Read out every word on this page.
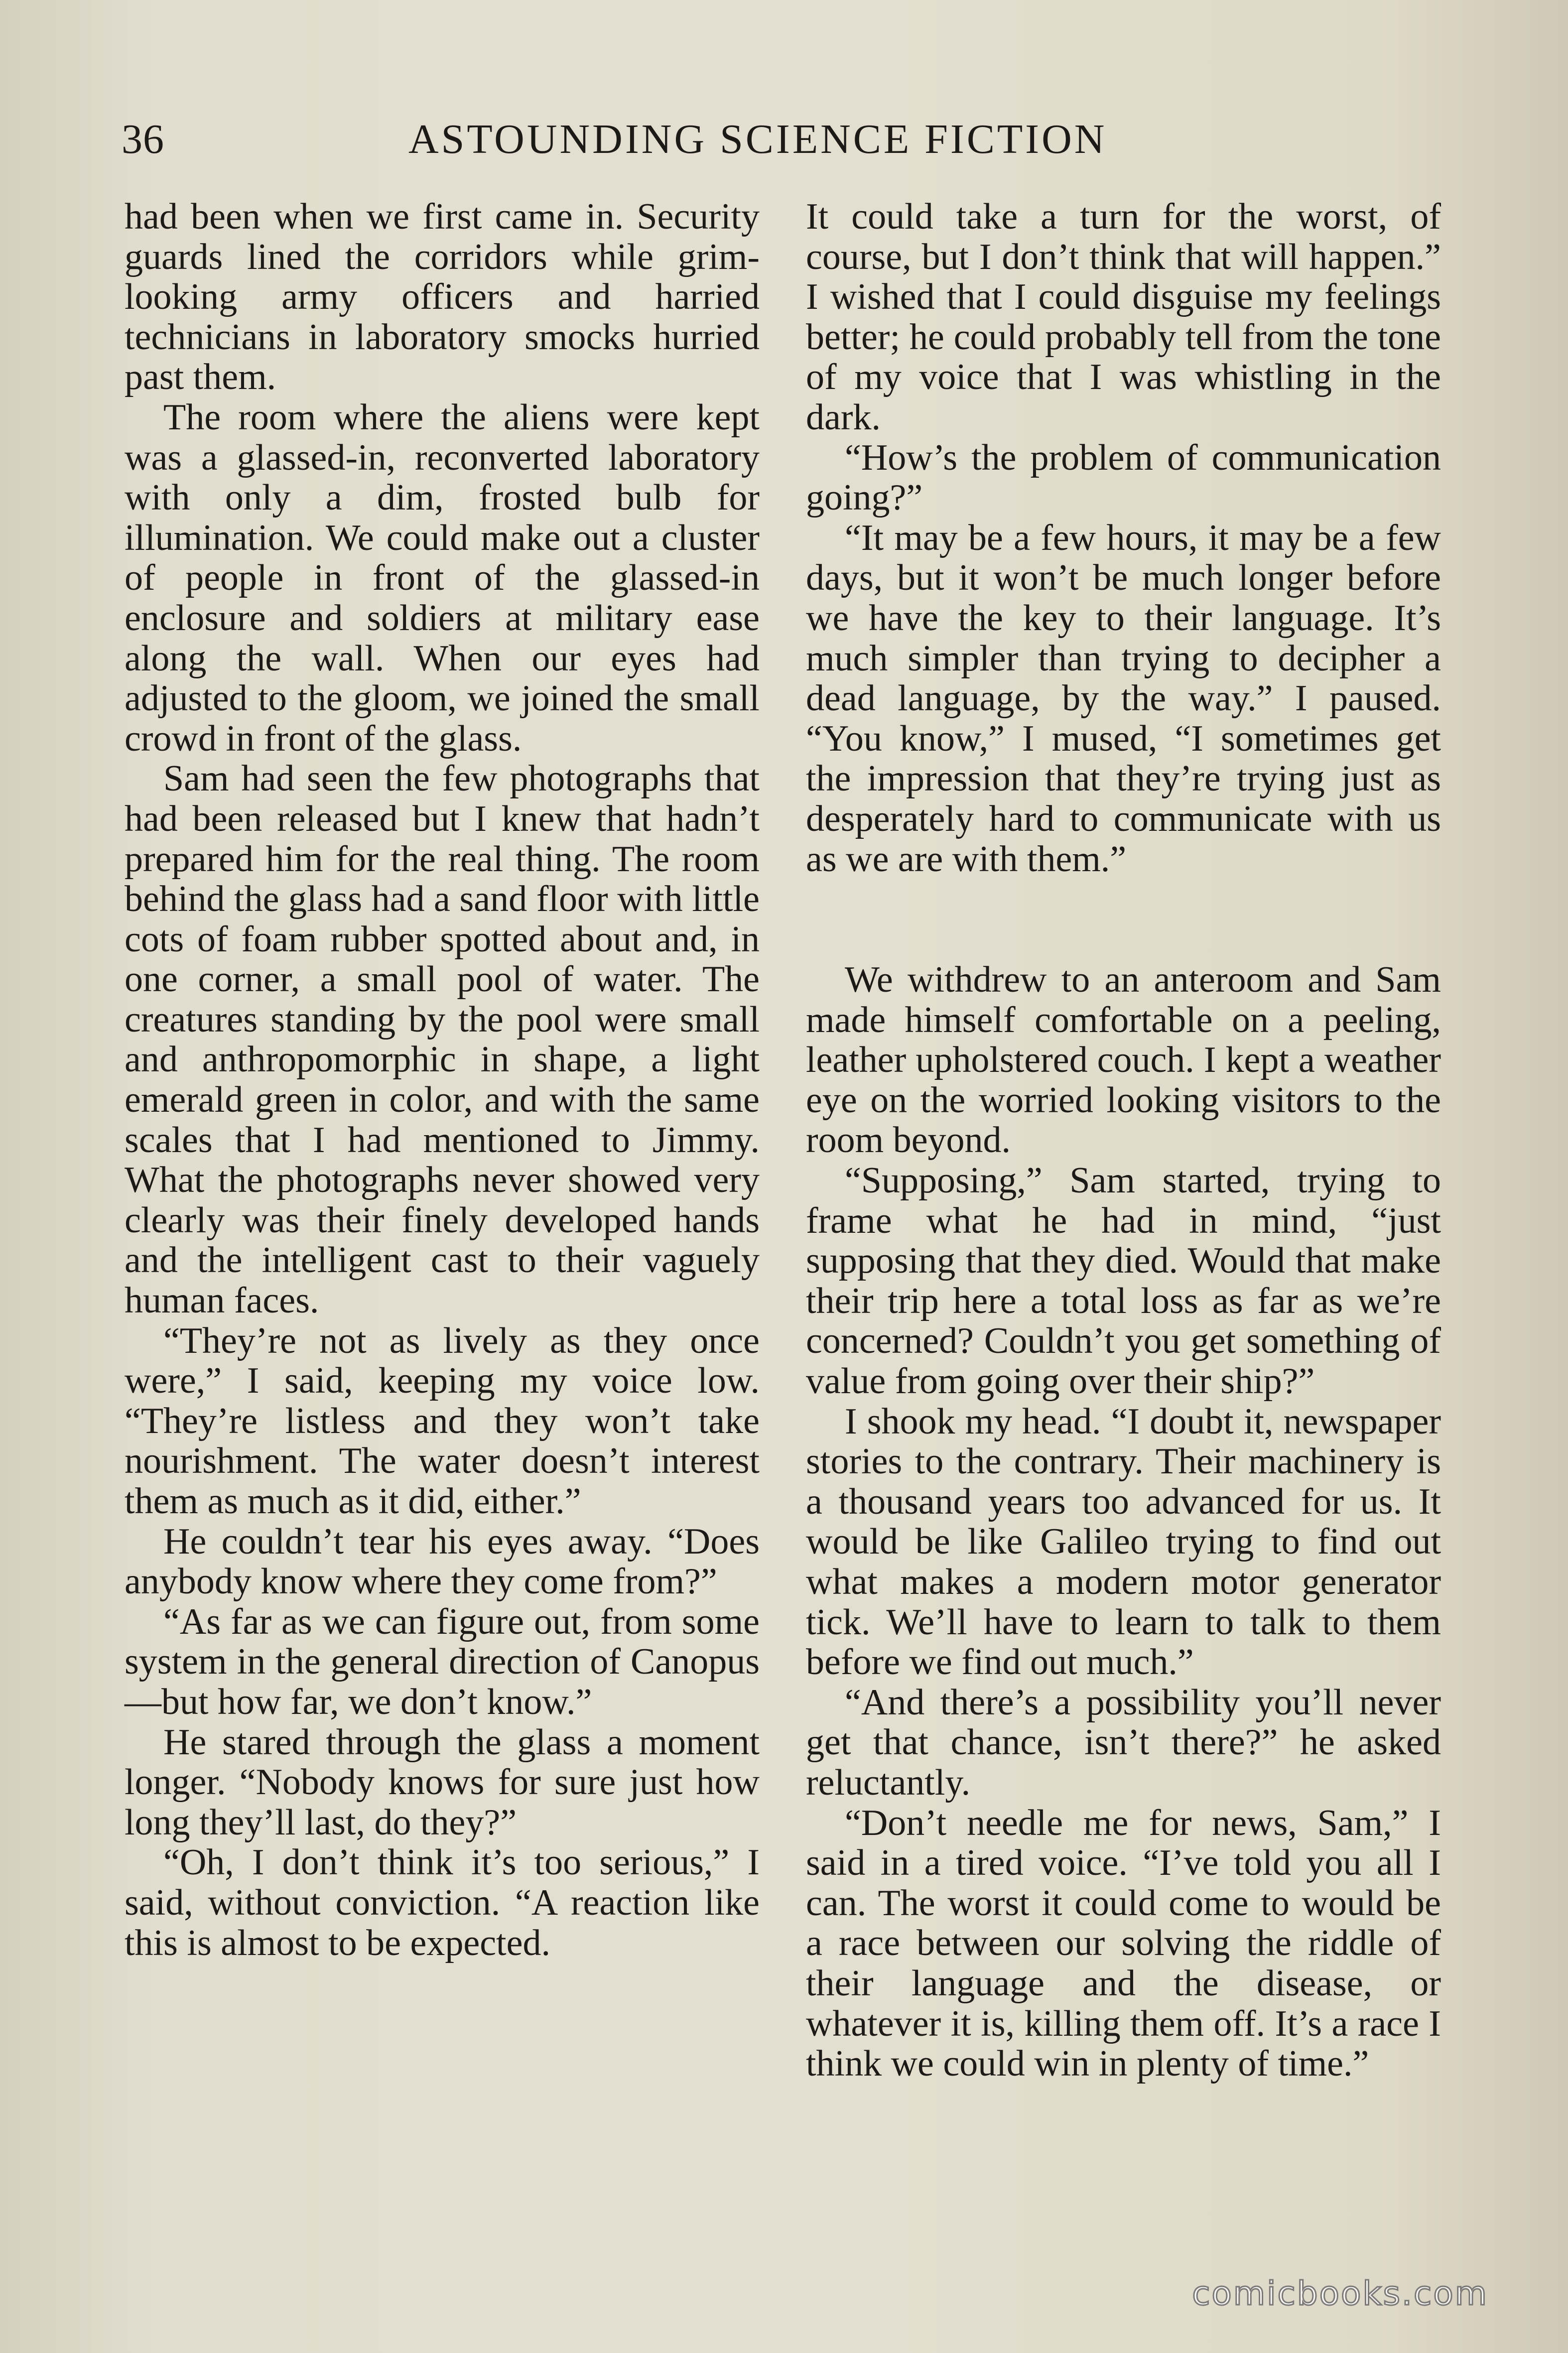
36	ASTOUNDING SCIENCE FICTION

had been when we first came in. Security guards lined the corridors while grim-looking army officers and harried technicians in laboratory smocks hurried past them.

The room where the aliens were kept was a glassed-in, reconverted laboratory with only a dim, frosted bulb for illumination. We could make out a cluster of people in front of the glassed-in enclosure and soldiers at military ease along the wall. When our eyes had adjusted to the gloom, we joined the small crowd in front of the glass.

Sam had seen the few photographs that had been released but I knew that hadn’t prepared him for the real thing. The room behind the glass had a sand floor with little cots of foam rubber spotted about and, in one corner, a small pool of water. The creatures standing by the pool were small and anthropomorphic in shape, a light emerald green in color, and with the same scales that I had mentioned to Jimmy. What the photographs never showed very clearly was their finely developed hands and the intelligent cast to their vaguely human faces.

“They’re not as lively as they once were,” I said, keeping my voice low. “They’re listless and they won’t take nourishment. The water doesn’t interest them as much as it did, either.”

He couldn’t tear his eyes away. “Does anybody know where they come from?”

“As far as we can figure out, from some system in the general direction of Canopus—but how far, we don’t know.”

He stared through the glass a moment longer. “Nobody knows for sure just how long they’ll last, do they?”

“Oh, I don’t think it’s too serious,” I said, without conviction. “A reaction like this is almost to be expected.

It could take a turn for the worst, of course, but I don’t think that will happen.” I wished that I could disguise my feelings better; he could probably tell from the tone of my voice that I was whistling in the dark.

“How’s the problem of communication going?”

“It may be a few hours, it may be a few days, but it won’t be much longer before we have the key to their language. It’s much simpler than trying to decipher a dead language, by the way.” I paused. “You know,” I mused, “I sometimes get the impression that they’re trying just as desperately hard to communicate with us as we are with them.”

We withdrew to an anteroom and Sam made himself comfortable on a peeling, leather upholstered couch. I kept a weather eye on the worried looking visitors to the room beyond.

“Supposing,” Sam started, trying to frame what he had in mind, “just supposing that they died. Would that make their trip here a total loss as far as we’re concerned? Couldn’t you get something of value from going over their ship?”

I shook my head. “I doubt it, newspaper stories to the contrary. Their machinery is a thousand years too advanced for us. It would be like Galileo trying to find out what makes a modern motor generator tick. We’ll have to learn to talk to them before we find out much.”

“And there’s a possibility you’ll never get that chance, isn’t there?” he asked reluctantly.

“Don’t needle me for news, Sam,” I said in a tired voice. “I’ve told you all I can. The worst it could come to would be a race between our solving the riddle of their language and the disease, or whatever it is, killing them off. It’s a race I think we could win in plenty of time.”

comicbooks.com
